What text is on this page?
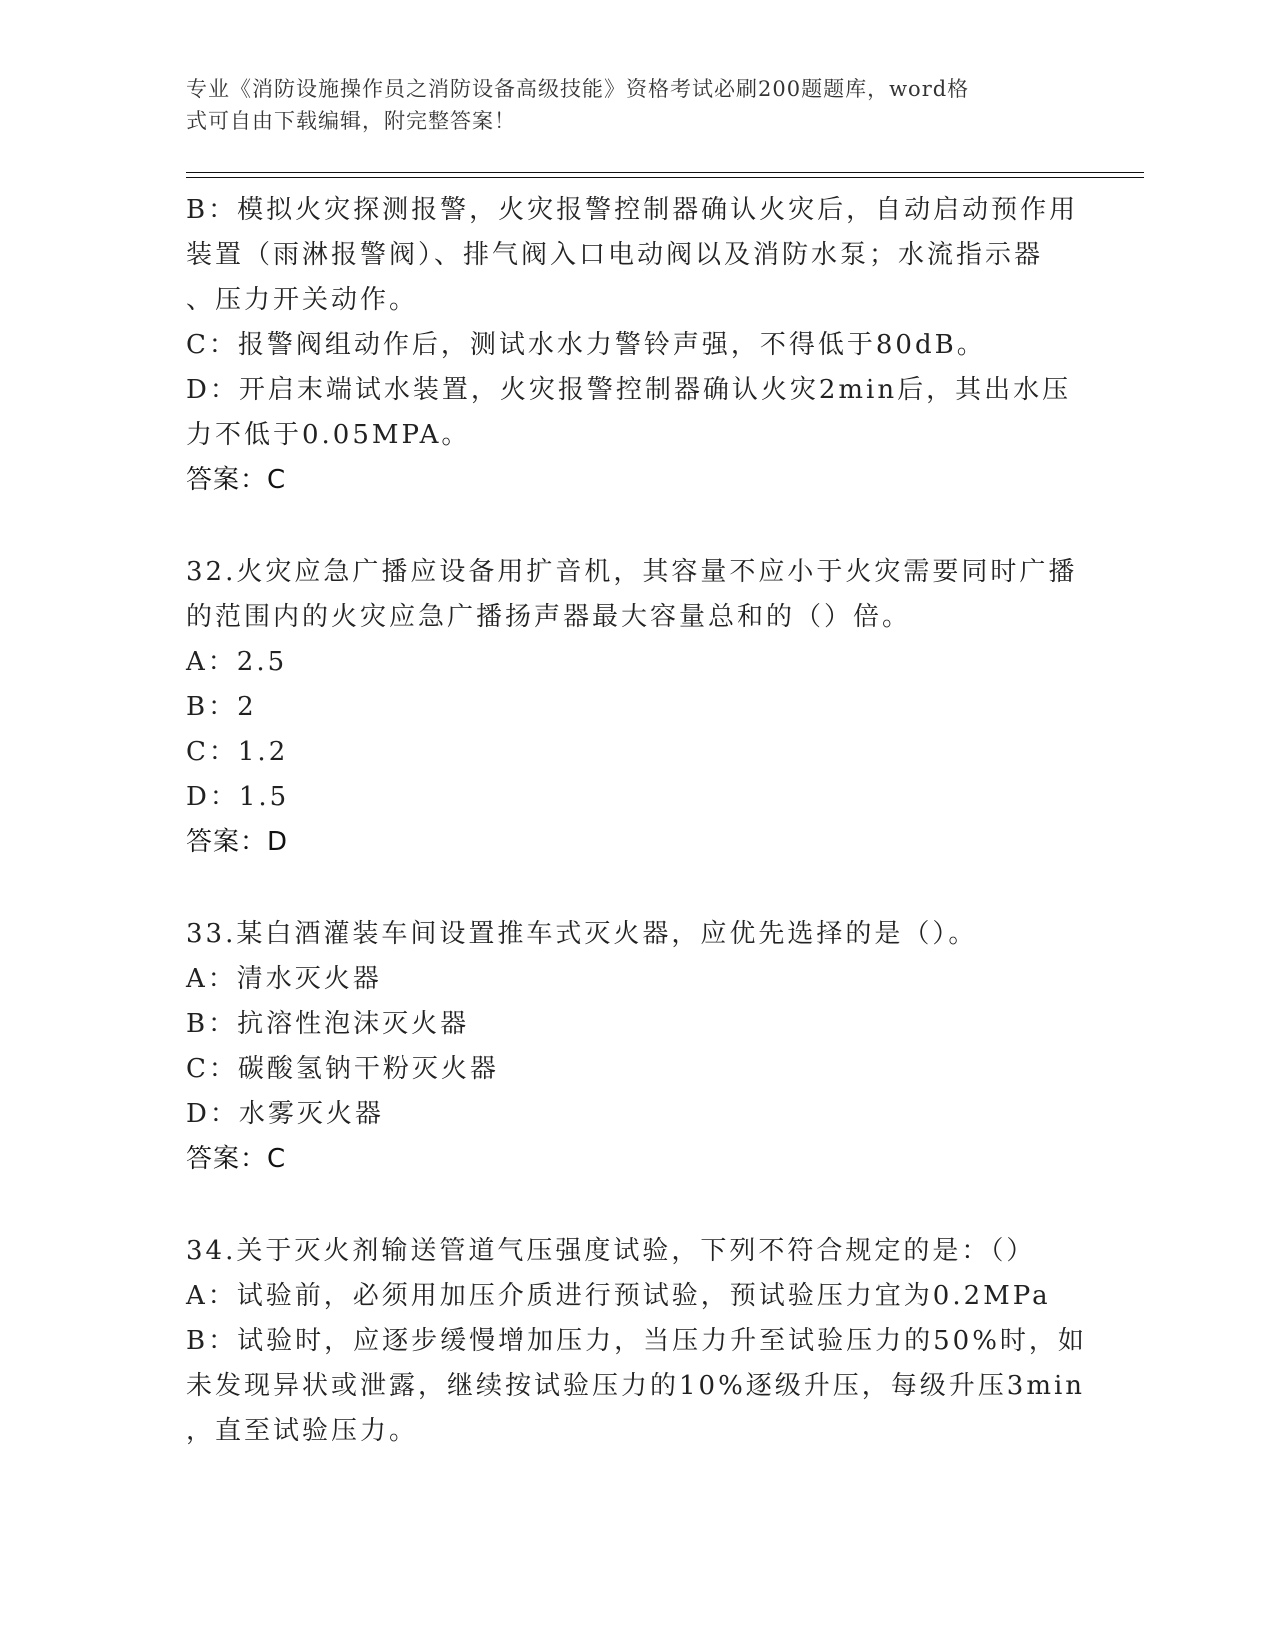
专业《消防设施操作员之消防设备高级技能》资格考试必刷200题题库，word格
式可自由下载编辑，附完整答案！
B：模拟火灾探测报警，火灾报警控制器确认火灾后，自动启动预作用
装置（雨淋报警阀）、排气阀入口电动阀以及消防水泵；水流指示器
、压力开关动作。
C：报警阀组动作后，测试水水力警铃声强，不得低于80dB。
D：开启末端试水装置，火灾报警控制器确认火灾2min后，其出水压
力不低于0.05MPA。
答案：C
32.火灾应急广播应设备用扩音机，其容量不应小于火灾需要同时广播
的范围内的火灾应急广播扬声器最大容量总和的（）倍。
A：2.5
B：2
C：1.2
D：1.5
答案：D
33.某白酒灌装车间设置推车式灭火器，应优先选择的是（）。
A：清水灭火器
B：抗溶性泡沫灭火器
C：碳酸氢钠干粉灭火器
D：水雾灭火器
答案：C
34.关于灭火剂输送管道气压强度试验，下列不符合规定的是：（）
A：试验前，必须用加压介质进行预试验，预试验压力宜为0.2MPa
B：试验时，应逐步缓慢增加压力，当压力升至试验压力的50%时，如
未发现异状或泄露，继续按试验压力的10%逐级升压，每级升压3min
，直至试验压力。
